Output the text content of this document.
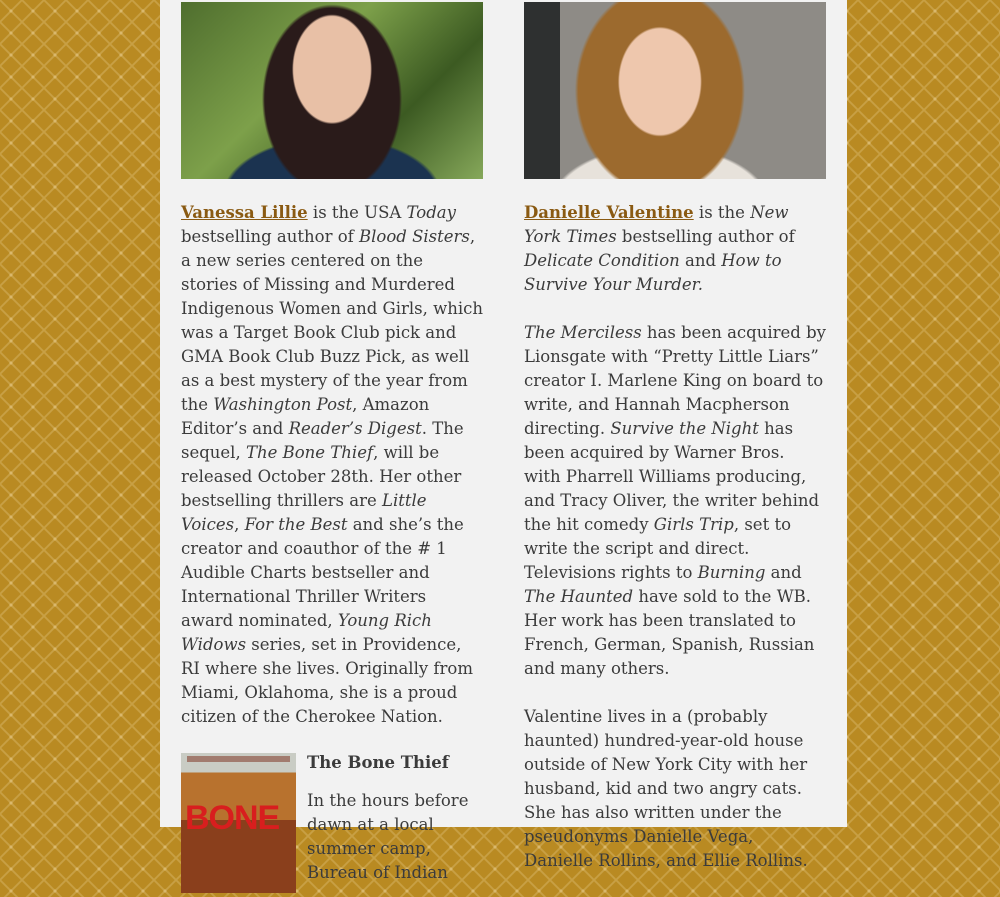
Vanessa Lillie is the USA Today bestselling author of Blood Sisters, a new series centered on the stories of Missing and Murdered Indigenous Women and Girls, which was a Target Book Club pick and GMA Book Club Buzz Pick, as well as a best mystery of the year from the Washington Post, Amazon Editor’s and Reader’s Digest. The sequel, The Bone Thief, will be released October 28th. Her other bestselling thrillers are Little Voices, For the Best and she’s the creator and coauthor of the # 1 Audible Charts bestseller and International Thriller Writers award nominated, Young Rich Widows series, set in Providence, RI where she lives. Originally from Miami, Oklahoma, she is a proud citizen of the Cherokee Nation.

BONE
The Bone Thief
In the hours before dawn at a local summer camp, Bureau of Indian

Danielle Valentine is the New York Times bestselling author of Delicate Condition and How to Survive Your Murder.

The Merciless has been acquired by Lionsgate with “Pretty Little Liars” creator I. Marlene King on board to write, and Hannah Macpherson directing. Survive the Night has been acquired by Warner Bros. with Pharrell Williams producing, and Tracy Oliver, the writer behind the hit comedy Girls Trip, set to write the script and direct. Televisions rights to Burning and The Haunted have sold to the WB. Her work has been translated to French, German, Spanish, Russian and many others.

Valentine lives in a (probably haunted) hundred-year-old house outside of New York City with her husband, kid and two angry cats. She has also written under the pseudonyms Danielle Vega, Danielle Rollins, and Ellie Rollins.
